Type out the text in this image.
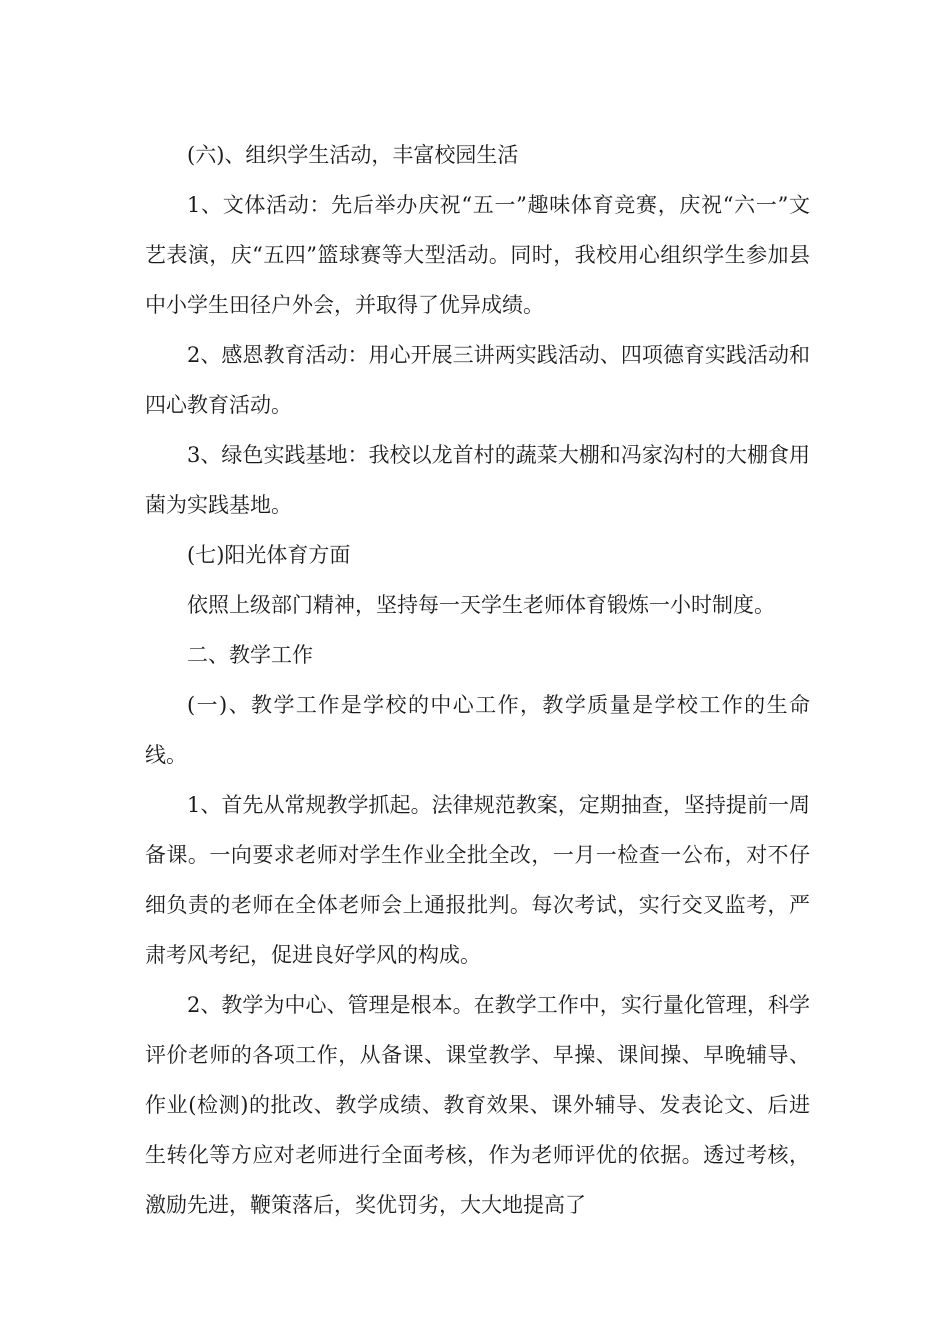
(六)、组织学生活动，丰富校园生活

1、文体活动：先后举办庆祝“五一”趣味体育竞赛，庆祝“六一”文艺表演，庆“五四”篮球赛等大型活动。同时，我校用心组织学生参加县中小学生田径户外会，并取得了优异成绩。

2、感恩教育活动：用心开展三讲两实践活动、四项德育实践活动和四心教育活动。

3、绿色实践基地：我校以龙首村的蔬菜大棚和冯家沟村的大棚食用菌为实践基地。

(七)阳光体育方面

依照上级部门精神，坚持每一天学生老师体育锻炼一小时制度。

二、教学工作

(一)、教学工作是学校的中心工作，教学质量是学校工作的生命线。

1、首先从常规教学抓起。法律规范教案，定期抽查，坚持提前一周备课。一向要求老师对学生作业全批全改，一月一检查一公布，对不仔细负责的老师在全体老师会上通报批判。每次考试，实行交叉监考，严肃考风考纪，促进良好学风的构成。

2、教学为中心、管理是根本。在教学工作中，实行量化管理，科学评价老师的各项工作，从备课、课堂教学、早操、课间操、早晚辅导、作业(检测)的批改、教学成绩、教育效果、课外辅导、发表论文、后进生转化等方应对老师进行全面考核，作为老师评优的依据。透过考核，激励先进，鞭策落后，奖优罚劣，大大地提高了
